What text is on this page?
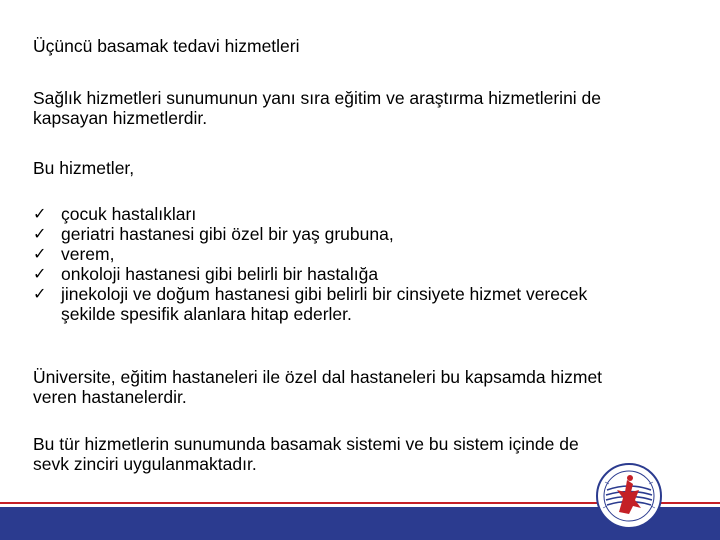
Üçüncü basamak tedavi hizmetleri

Sağlık hizmetleri sunumunun yanı sıra eğitim ve araştırma hizmetlerini de
kapsayan hizmetlerdir.

Bu hizmetler,

✓ çocuk hastalıkları
✓ geriatri hastanesi gibi özel bir yaş grubuna,
✓ verem,
✓ onkoloji hastanesi gibi belirli bir hastalığa
✓ jinekoloji ve doğum hastanesi gibi belirli bir cinsiyete hizmet verecek
şekilde spesifik alanlara hitap ederler.

Üniversite, eğitim hastaneleri ile özel dal hastaneleri bu kapsamda hizmet
veren hastanelerdir.

Bu tür hizmetlerin sunumunda basamak sistemi ve bu sistem içinde de
sevk zinciri uygulanmaktadır.
